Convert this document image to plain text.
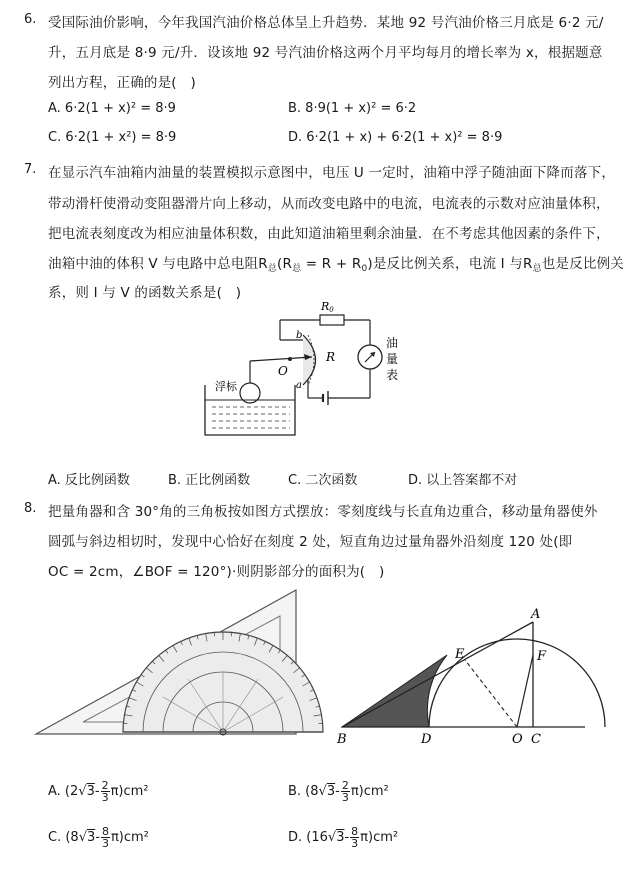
6. 受国际油价影响，今年我国汽油价格总体呈上升趋势．某地 92 号汽油价格三月底是 6·2 元/
升，五月底是 8·9 元/升．设该地 92 号汽油价格这两个月平均每月的增长率为 x，根据题意
列出方程，正确的是(　)
A. 6·2(1 + x)² = 8·9	B. 8·9(1 + x)² = 6·2
C. 6·2(1 + x²) = 8·9	D. 6·2(1 + x) + 6·2(1 + x)² = 8·9
7. 在显示汽车油箱内油量的装置模拟示意图中，电压 U 一定时，油箱中浮子随油面下降而落下，
带动滑杆使滑动变阻器滑片向上移动，从而改变电路中的电流，电流表的示数对应油量体积，
把电流表刻度改为相应油量体积数，由此知道油箱里剩余油量．在不考虑其他因素的条件下，
油箱中油的体积 V 与电路中总电阻$R_总(R_总 = R + R_0)$是反比例关系，电流 I 与$R_总$也是反比例关
系，则 I 与 V 的函数关系是(　)
R0
R
b
a
O
浮标
油
量
表
A. 反比例函数	B. 正比例函数	C. 二次函数	D. 以上答案都不对
8. 把量角器和含 30°角的三角板按如图方式摆放：零刻度线与长直角边重合，移动量角器使外
圆弧与斜边相切时，发现中心恰好在刻度 2 处，短直角边过量角器外沿刻度 120 处(即
OC = 2cm，∠BOF = 120°)·则阴影部分的面积为(　)
A
E	F
B	D	O C
A. $(2√3- \frac{2}{3} \pi)cm^2$	B. $(8√3- \frac{2}{3} \pi)cm^2$
C. $(8√3- \frac{8}{3} \pi)cm^2$	D. $(16√3- \frac{8}{3} \pi)cm^2$
